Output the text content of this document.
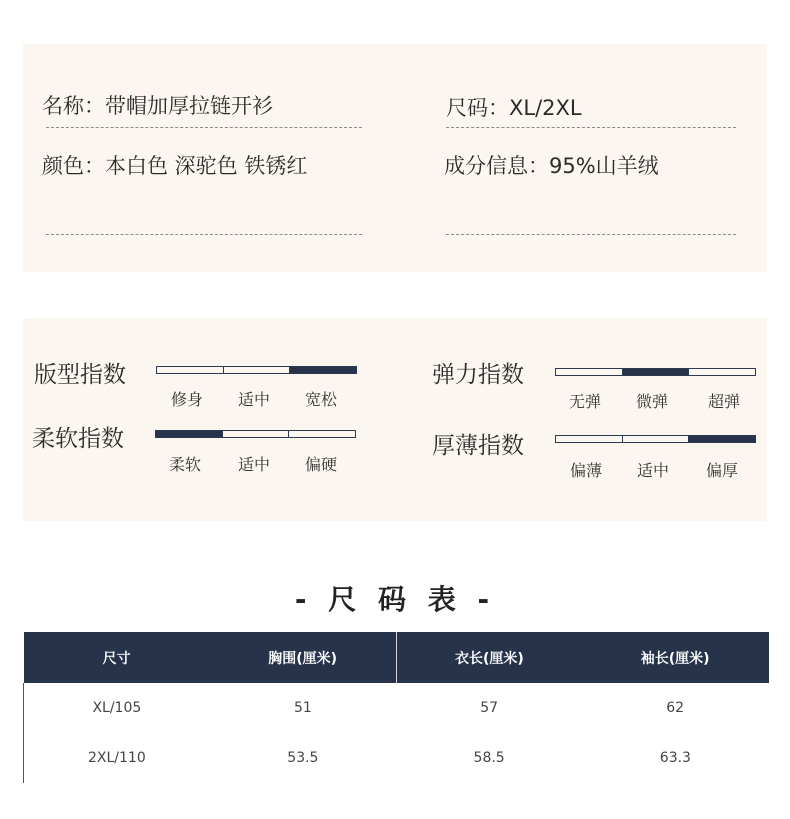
名称：带帽加厚拉链开衫	尺码：XL/2XL
颜色：本白色 深驼色 铁锈红	成分信息：95%山羊绒
版型指数
修身	适中	宽松
弹力指数
无弹	微弹	超弹
柔软指数
柔软	适中	偏硬
厚薄指数
偏薄	适中	偏厚
- 尺 码 表 -
尺寸	胸围(厘米)	衣长(厘米)	袖长(厘米)
XL/105	51	57	62
2XL/110	53.5	58.5	63.3
